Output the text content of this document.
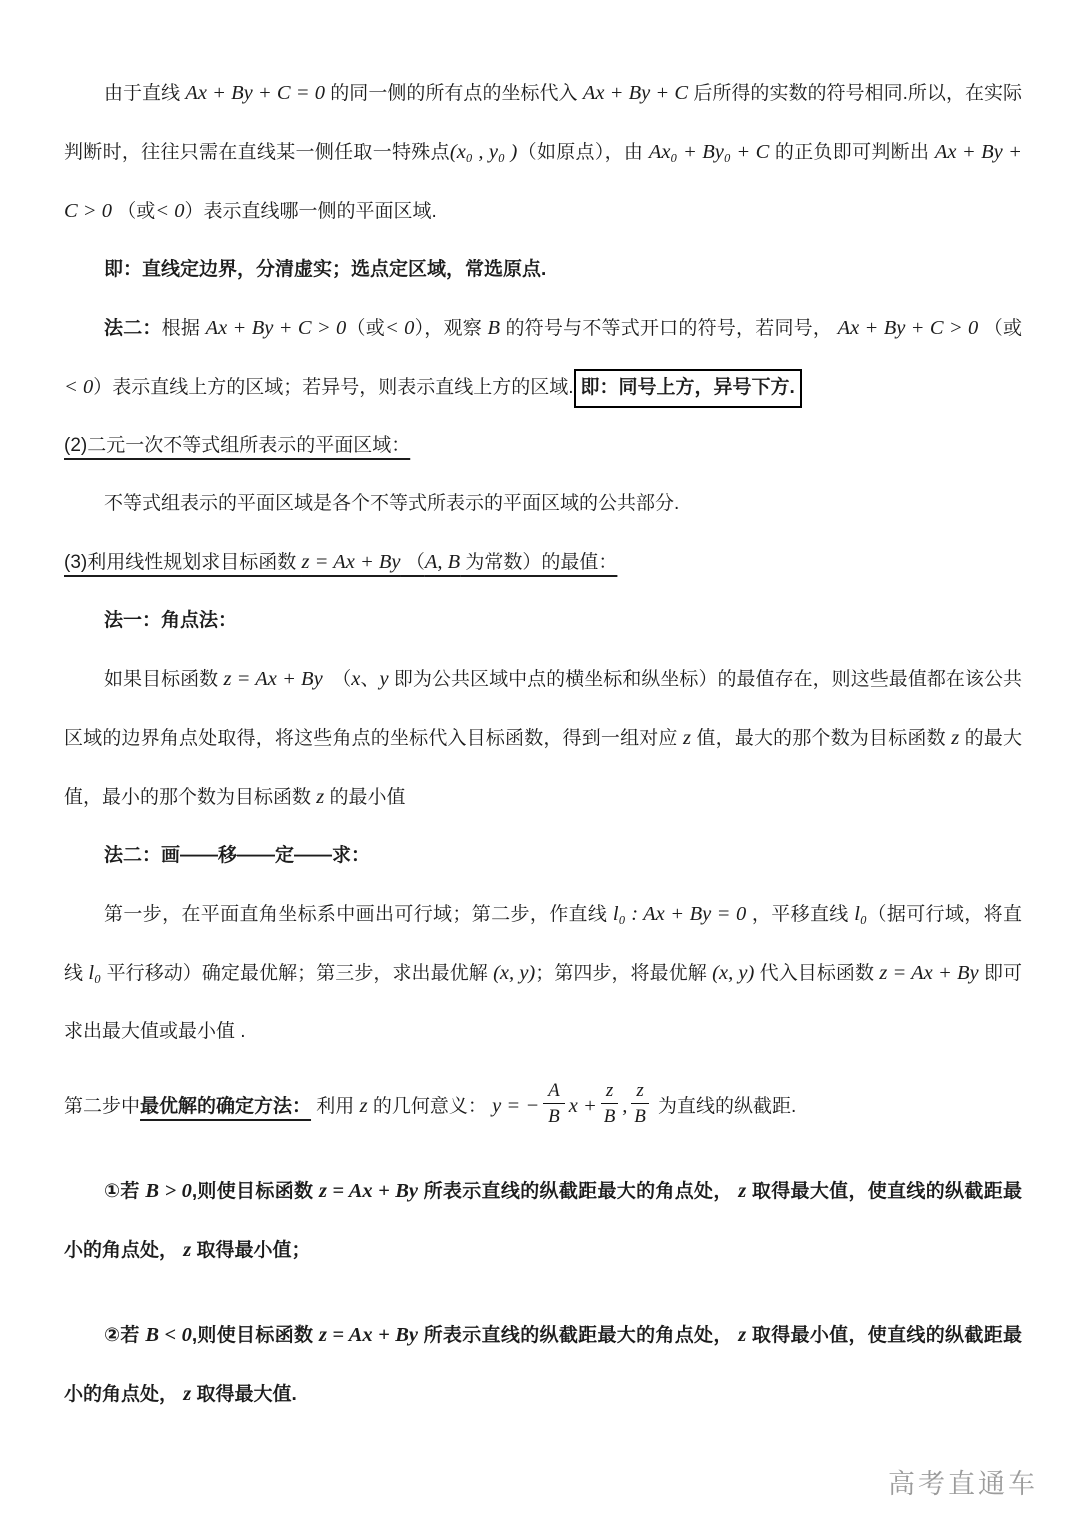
由于直线 Ax + By + C = 0 的同一侧的所有点的坐标代入 Ax + By + C 后所得的实数的符号相同.所以，在实际判断时，往往只需在直线某一侧任取一特殊点(x₀ , y₀ )（如原点），由 Ax₀ + By₀ + C 的正负即可判断出 Ax + By + C > 0 （或< 0）表示直线哪一侧的平面区域.

即：直线定边界，分清虚实；选点定区域，常选原点.

法二：根据 Ax + By + C > 0（或< 0），观察 B 的符号与不等式开口的符号，若同号， Ax + By + C > 0 （或< 0）表示直线上方的区域；若异号，则表示直线上方的区域. 即：同号上方，异号下方.

(2)二元一次不等式组所表示的平面区域：

不等式组表示的平面区域是各个不等式所表示的平面区域的公共部分.

(3)利用线性规划求目标函数 z = Ax + By （A, B 为常数）的最值：

法一：角点法：

如果目标函数 z = Ax + By　（x、y 即为公共区域中点的横坐标和纵坐标）的最值存在，则这些最值都在该公共区域的边界角点处取得，将这些角点的坐标代入目标函数，得到一组对应 z 值，最大的那个数为目标函数 z 的最大值，最小的那个数为目标函数 z 的最小值

法二：画——移——定——求：

第一步，在平面直角坐标系中画出可行域；第二步，作直线 l₀ : Ax + By = 0 ，平移直线 l₀（据可行域，将直线 l₀ 平行移动）确定最优解；第三步，求出最优解 (x, y)；第四步，将最优解 (x, y) 代入目标函数 z = Ax + By 即可求出最大值或最小值 .

第二步中最优解的确定方法： 利用 z 的几何意义： y = − $\frac{A}{B}$ $x + \frac{z}{B}$ , $\frac{z}{B}$ 为直线的纵截距.

①若 B > 0,则使目标函数 z = Ax + By 所表示直线的纵截距最大的角点处， z 取得最大值，使直线的纵截距最小的角点处， z 取得最小值；

②若 B < 0,则使目标函数 z = Ax + By 所表示直线的纵截距最大的角点处， z 取得最小值，使直线的纵截距最小的角点处， z 取得最大值.

高考直通车
